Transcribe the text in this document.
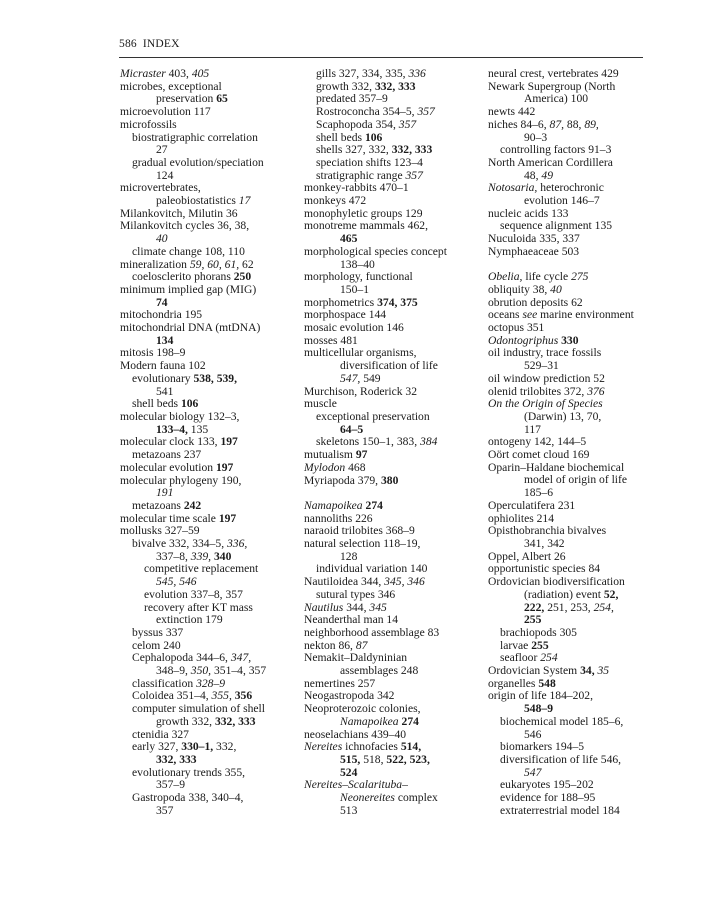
586 INDEX
Micraster 403, 405
microbes, exceptional
preservation 65
microevolution 117
microfossils
biostratigraphic correlation
27
gradual evolution/speciation
124
microvertebrates,
paleobiostatistics 17
Milankovitch, Milutin 36
Milankovitch cycles 36, 38,
40
climate change 108, 110
mineralization 59, 60, 61, 62
coelosclerito phorans 250
minimum implied gap (MIG)
74
mitochondria 195
mitochondrial DNA (mtDNA)
134
mitosis 198–9
Modern fauna 102
evolutionary 538, 539,
541
shell beds 106
molecular biology 132–3,
133–4, 135
molecular clock 133, 197
metazoans 237
molecular evolution 197
molecular phylogeny 190,
191
metazoans 242
molecular time scale 197
mollusks 327–59
bivalve 332, 334–5, 336,
337–8, 339, 340
competitive replacement
545, 546
evolution 337–8, 357
recovery after KT mass
extinction 179
byssus 337
celom 240
Cephalopoda 344–6, 347,
348–9, 350, 351–4, 357
classification 328–9
Coloidea 351–4, 355, 356
computer simulation of shell
growth 332, 332, 333
ctenidia 327
early 327, 330–1, 332,
332, 333
evolutionary trends 355,
357–9
Gastropoda 338, 340–4,
357
gills 327, 334, 335, 336
growth 332, 332, 333
predated 357–9
Rostroconcha 354–5, 357
Scaphopoda 354, 357
shell beds 106
shells 327, 332, 332, 333
speciation shifts 123–4
stratigraphic range 357
monkey-rabbits 470–1
monkeys 472
monophyletic groups 129
monotreme mammals 462,
465
morphological species concept
138–40
morphology, functional
150–1
morphometrics 374, 375
morphospace 144
mosaic evolution 146
mosses 481
multicellular organisms,
diversification of life
547, 549
Murchison, Roderick 32
muscle
exceptional preservation
64–5
skeletons 150–1, 383, 384
mutualism 97
Mylodon 468
Myriapoda 379, 380
Namapoikea 274
nannoliths 226
naraoid trilobites 368–9
natural selection 118–19,
128
individual variation 140
Nautiloidea 344, 345, 346
sutural types 346
Nautilus 344, 345
Neanderthal man 14
neighborhood assemblage 83
nekton 86, 87
Nemakit–Daldyninian
assemblages 248
nemertines 257
Neogastropoda 342
Neoproterozoic colonies,
Namapoikea 274
neoselachians 439–40
Nereites ichnofacies 514,
515, 518, 522, 523,
524
Nereites–Scalarituba–
Neonereites complex
513
neural crest, vertebrates 429
Newark Supergroup (North
America) 100
newts 442
niches 84–6, 87, 88, 89,
90–3
controlling factors 91–3
North American Cordillera
48, 49
Notosaria, heterochronic
evolution 146–7
nucleic acids 133
sequence alignment 135
Nuculoida 335, 337
Nymphaeaceae 503
Obelia, life cycle 275
obliquity 38, 40
obrution deposits 62
oceans see marine environment
octopus 351
Odontogriphus 330
oil industry, trace fossils
529–31
oil window prediction 52
olenid trilobites 372, 376
On the Origin of Species
(Darwin) 13, 70,
117
ontogeny 142, 144–5
Oört comet cloud 169
Oparin–Haldane biochemical
model of origin of life
185–6
Operculatifera 231
ophiolites 214
Opisthobranchia bivalves
341, 342
Oppel, Albert 26
opportunistic species 84
Ordovician biodiversification
(radiation) event 52,
222, 251, 253, 254,
255
brachiopods 305
larvae 255
seafloor 254
Ordovician System 34, 35
organelles 548
origin of life 184–202,
548–9
biochemical model 185–6,
546
biomarkers 194–5
diversification of life 546,
547
eukaryotes 195–202
evidence for 188–95
extraterrestrial model 184
